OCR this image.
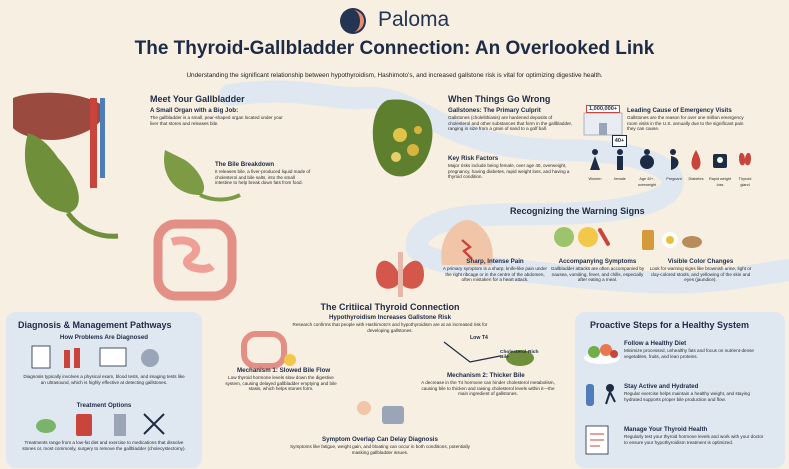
Paloma
The Thyroid-Gallbladder Connection: An Overlooked Link
Understanding the significant relationship between hypothyroidism, Hashimoto's, and increased gallstone risk is vital for optimizing digestive health.
Meet Your Gallbladder
A Small Organ with a Big Job:
The gallbladder is a small, pear-shaped organ located under your liver that stores and releases bile.
The Bile Breakdown
It releases bile, a fiver-produced liquid made of cholesterol and bile salts, into the small intestine to help break down fats from food.
When Things Go Wrong
Gallstones: The Primary Culprit
Gallstones (cholelithiasis) are hardened deposits of cholesterol and other substances that form in the gallbladder, ranging in size from a grain of sand to a golf ball.
1,000,000+	Leading Cause of Emergency Visits
Gallstones are the reason for over one million emergency room visits in the U.S. annually due to the significant pain they can cause.
Key Risk Factors
Major risks include being female, over age 40, overweight, pregnancy, having diabetes, rapid weight loss, and having a thyroid condition.
40+
Women	female	Age 40+, overweight
Pregnant	Diabetes	Rapid weight loss
Thyroid gland
Recognizing the Warning Signs
Sharp, Intense Pain
A primary symptom is a sharp, knife-like pain under the right ribcage or in the centre of the abdomen, often mistaken for a heart attack.
Accompanying Symptoms
Gallbladder attacks are often accompanied by nausea, vomiting, fever, and chills, especially after eating a meal.
Visible Color Changes
Look for warning signs like brownish urine, light or clay-colored stools, and yellowing of the skin and eyes (jaundice).
Diagnosis & Management Pathways
How Problems Are Diagnosed
Diagnosis typically involves a physical exam, blood tests, and imaging tests like an ultrasound, which is highly effective at detecting gallstones.
Treatment Options
Treatments range from a low-fat diet and exercise to medications that dissolve stones or, most commonly, surgery to remove the gallbladder (cholecystectomy).
The Critiical Thyroid Connection
Hypothyroidism Increases Gallstone Risk
Research confirms that people with Hashimoto's and hypothyroidism are at an increased risk for developing gallstones.
Mechanism 1: Slowed Bile Flow
Low thyroid hormone levels slow down the digestive system, causing delayed gallbladder emptying and bile stasis, which helps stones form.
Low T4
Cholesterol-Rich Bile
Mechanism 2: Thicker Bile
A decrease in the T4 hormone can hinder cholesterol metabolism, causing bile to thicken and raising cholesterol levels within it—the main ingredient of gallstones.
Symptom Overlap Can Delay Diagnosis
Symptoms like fatigue, weight gain, and bloating can occur in both conditions, potentially masking gallbladder issues.
Proactive Steps for a Healthy System
Follow a Healthy Diet
Minimize processed, unhealthy fats and focus on nutrient-dense vegetables, fruits, and lean proteins.
Stay Active and Hydrated
Regular exercise helps maintain a healthy weight, and staying hydrated supports proper bile production and flow.
Manage Your Thyroid Health
Regularly test your thyroid hormone levels and work with your doctor to ensure your hypothyroidism treatment is optimized.
